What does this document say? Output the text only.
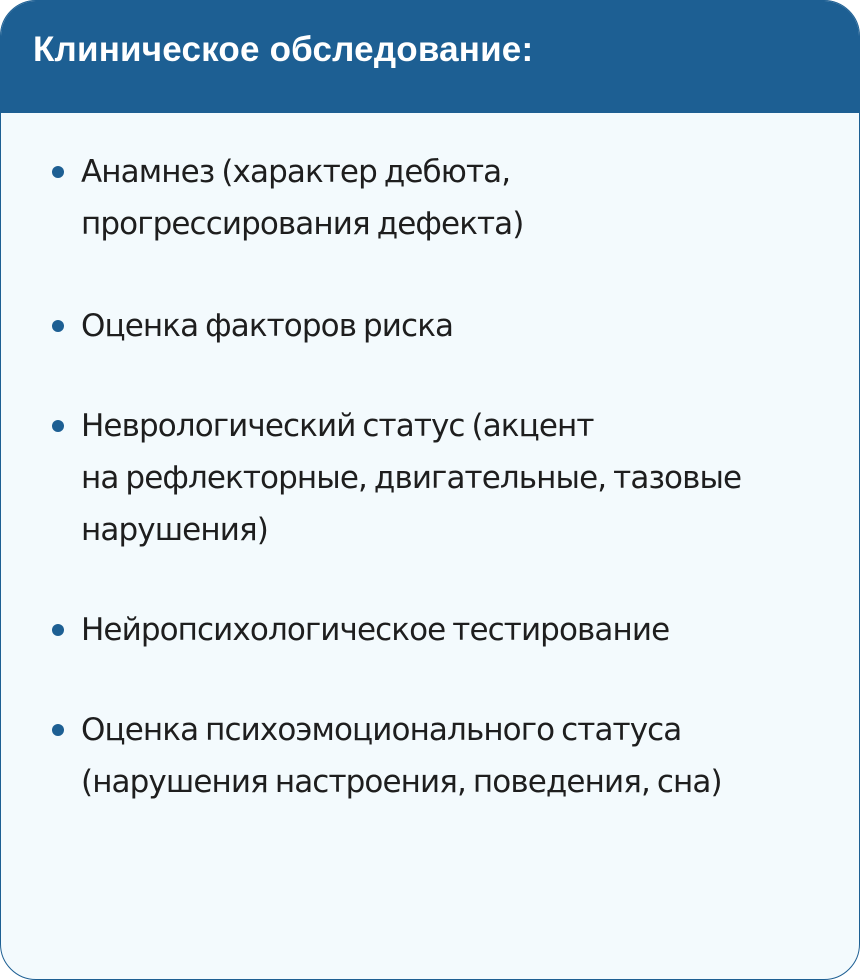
Клиническое обследование:
Анамнез (характер дебюта,
прогрессирования дефекта)
Оценка факторов риска
Неврологический статус (акцент
на рефлекторные, двигательные, тазовые
нарушения)
Нейропсихологическое тестирование
Оценка психоэмоционального статуса
(нарушения настроения, поведения, сна)
